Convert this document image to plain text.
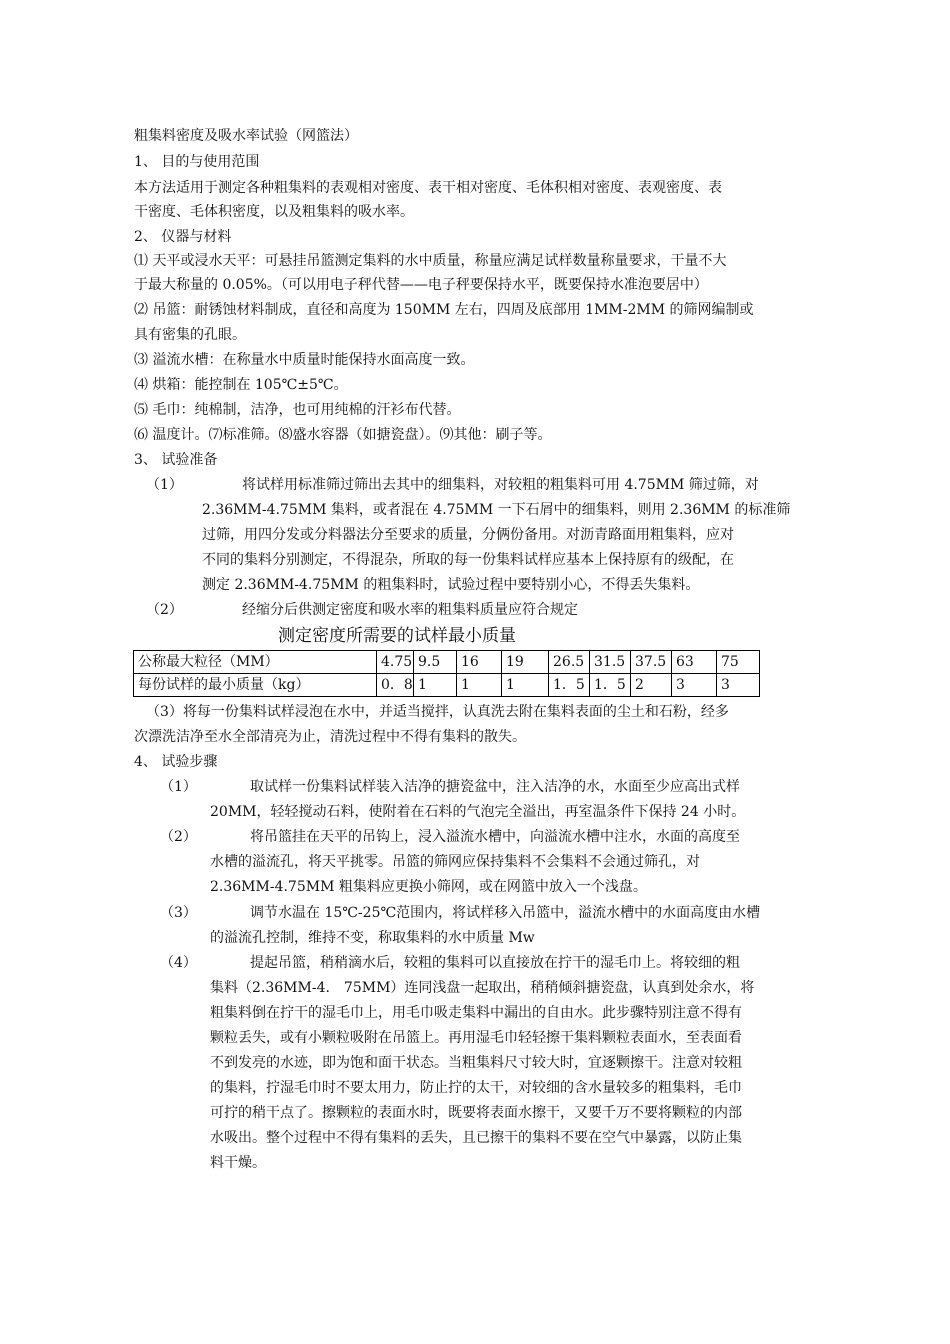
粗集料密度及吸水率试验（网篮法）

1、 目的与使用范围

本方法适用于测定各种粗集料的表观相对密度、表干相对密度、毛体积相对密度、表观密度、表

干密度、毛体积密度，以及粗集料的吸水率。

2、 仪器与材料

⑴ 天平或浸水天平：可悬挂吊篮测定集料的水中质量，称量应满足试样数量称量要求，干量不大

于最大称量的 0.05%。（可以用电子秤代替——电子秤要保持水平，既要保持水准泡要居中）

⑵ 吊篮：耐锈蚀材料制成，直径和高度为 150MM 左右，四周及底部用 1MM-2MM 的筛网编制或

具有密集的孔眼。

⑶ 溢流水槽：在称量水中质量时能保持水面高度一致。

⑷ 烘箱：能控制在 105℃±5℃。

⑸ 毛巾：纯棉制，洁净，也可用纯棉的汗衫布代替。

⑹ 温度计。⑺标准筛。⑻盛水容器（如搪瓷盘）。⑼其他：刷子等。

3、 试验准备

（1）	将试样用标准筛过筛出去其中的细集料，对较粗的粗集料可用 4.75MM 筛过筛，对

2.36MM-4.75MM 集料，或者混在 4.75MM 一下石屑中的细集料，则用 2.36MM 的标准筛

过筛，用四分发或分料器法分至要求的质量，分俩份备用。对沥青路面用粗集料，应对

不同的集料分别测定，不得混杂，所取的每一份集料试样应基本上保持原有的级配，在

测定 2.36MM-4.75MM 的粗集料时，试验过程中要特别小心，不得丢失集料。

（2）	经缩分后供测定密度和吸水率的粗集料质量应符合规定

测定密度所需要的试样最小质量
公称最大粒径（MM）	4.75	9.5	16	19	26.5	31.5	37.5	63	75
每份试样的最小质量（kg）	0．8	1	1	1	1．5	1．5	2	3	3

（3）将每一份集料试样浸泡在水中，并适当搅拌，认真洗去附在集料表面的尘土和石粉，经多

次漂洗洁净至水全部清亮为止，清洗过程中不得有集料的散失。

4、 试验步骤

（1）	取试样一份集料试样装入洁净的搪瓷盆中，注入洁净的水，水面至少应高出式样

20MM，轻轻搅动石料，使附着在石料的气泡完全溢出，再室温条件下保持 24 小时。

（2）	将吊篮挂在天平的吊钩上，浸入溢流水槽中，向溢流水槽中注水，水面的高度至

水槽的溢流孔，将天平挑零。吊篮的筛网应保持集料不会集料不会通过筛孔，对

2.36MM-4.75MM 粗集料应更换小筛网，或在网篮中放入一个浅盘。

（3）	调节水温在 15℃-25℃范围内，将试样移入吊篮中，溢流水槽中的水面高度由水槽

的溢流孔控制，维持不变，称取集料的水中质量 Mw

（4）	提起吊篮，稍稍滴水后，较粗的集料可以直接放在拧干的湿毛巾上。将较细的粗

集料（2.36MM-4.　75MM）连同浅盘一起取出，稍稍倾斜搪瓷盘，认真到处余水，将

粗集料倒在拧干的湿毛巾上，用毛巾吸走集料中漏出的自由水。此步骤特别注意不得有

颗粒丢失，或有小颗粒吸附在吊篮上。再用湿毛巾轻轻擦干集料颗粒表面水，至表面看

不到发亮的水迹，即为饱和面干状态。当粗集料尺寸较大时，宜逐颗擦干。注意对较粗

的集料，拧湿毛巾时不要太用力，防止拧的太干，对较细的含水量较多的粗集料，毛巾

可拧的稍干点了。擦颗粒的表面水时，既要将表面水擦干，又要千万不要将颗粒的内部

水吸出。整个过程中不得有集料的丢失，且已擦干的集料不要在空气中暴露，以防止集

料干燥。
